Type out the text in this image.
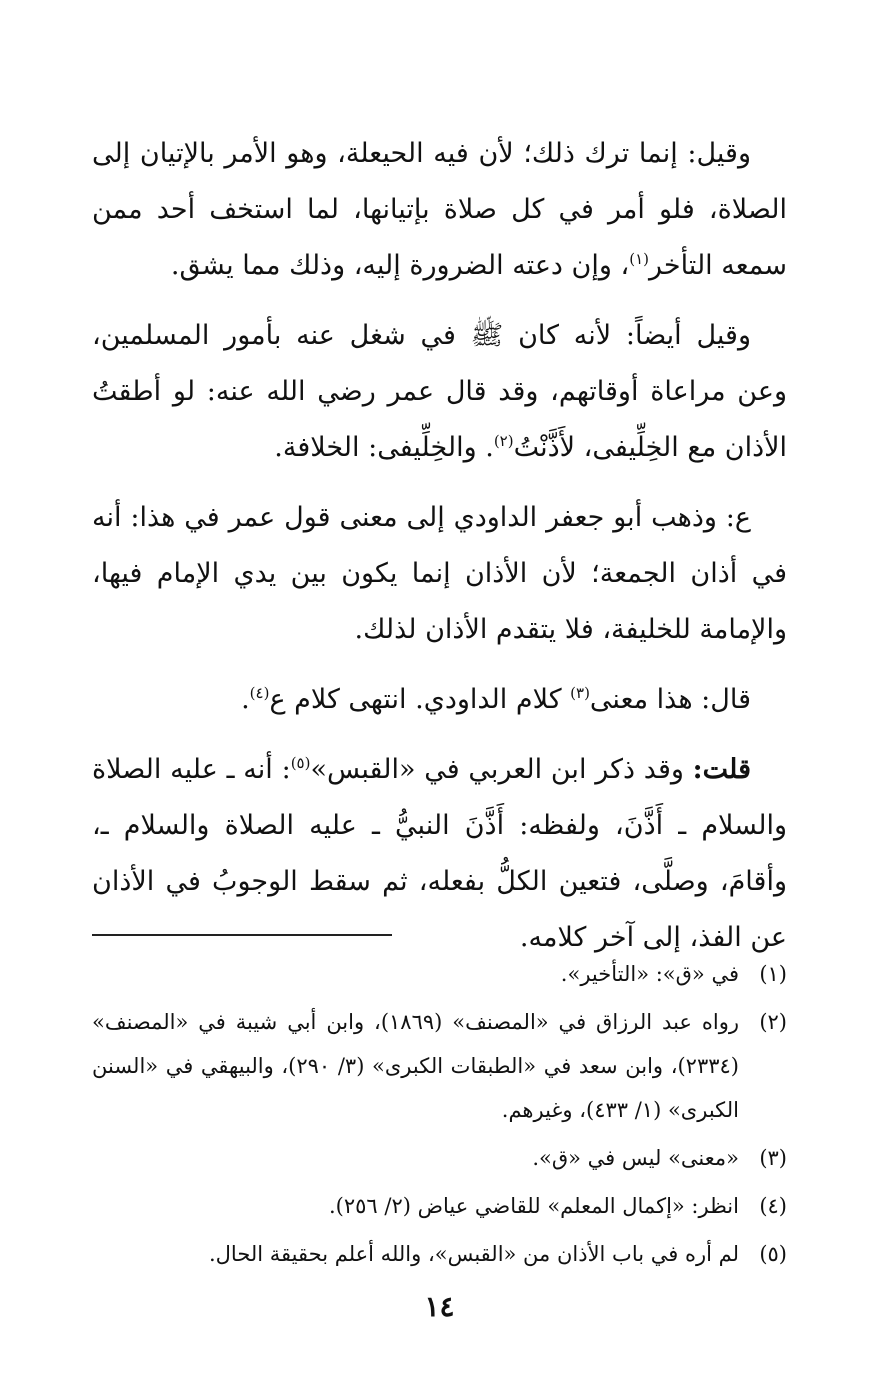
وقيل: إنما ترك ذلك؛ لأن فيه الحيعلة، وهو الأمر بالإتيان إلى الصلاة، فلو أمر في كل صلاة بإتيانها، لما استخف أحد ممن سمعه التأخر$^{(١)}$، وإن دعته الضرورة إليه، وذلك مما يشق.

وقيل أيضاً: لأنه كان ﷺ في شغل عنه بأمور المسلمين، وعن مراعاة أوقاتهم، وقد قال عمر رضي الله عنه: لو أطقتُ الأذان مع الخِلِّيفى، لأَذَّنْتُ$^{(٢)}$. والخِلِّيفى: الخلافة.

ع: وذهب أبو جعفر الداودي إلى معنى قول عمر في هذا: أنه في أذان الجمعة؛ لأن الأذان إنما يكون بين يدي الإمام فيها، والإمامة للخليفة، فلا يتقدم الأذان لذلك.

قال: هذا معنى$^{(٣)}$ كلام الداودي. انتهى كلام ع$^{(٤)}$.

قلت: وقد ذكر ابن العربي في «القبس»$^{(٥)}$: أنه ـ عليه الصلاة والسلام ـ أَذَّنَ، ولفظه: أَذَّنَ النبيُّ ـ عليه الصلاة والسلام ـ، وأقامَ، وصلَّى، فتعين الكلُّ بفعله، ثم سقط الوجوبُ في الأذان عن الفذ، إلى آخر كلامه.

(١)
في «ق»: «التأخير».
(٢)
رواه عبد الرزاق في «المصنف» (١٨٦٩)، وابن أبي شيبة في «المصنف» (٢٣٣٤)، وابن سعد في «الطبقات الكبرى» (٣/ ٢٩٠)، والبيهقي في «السنن الكبرى» (١/ ٤٣٣)، وغيرهم.
(٣)
«معنى» ليس في «ق».
(٤)
انظر: «إكمال المعلم» للقاضي عياض (٢/ ٢٥٦).
(٥)
لم أره في باب الأذان من «القبس»، والله أعلم بحقيقة الحال.
١٤
